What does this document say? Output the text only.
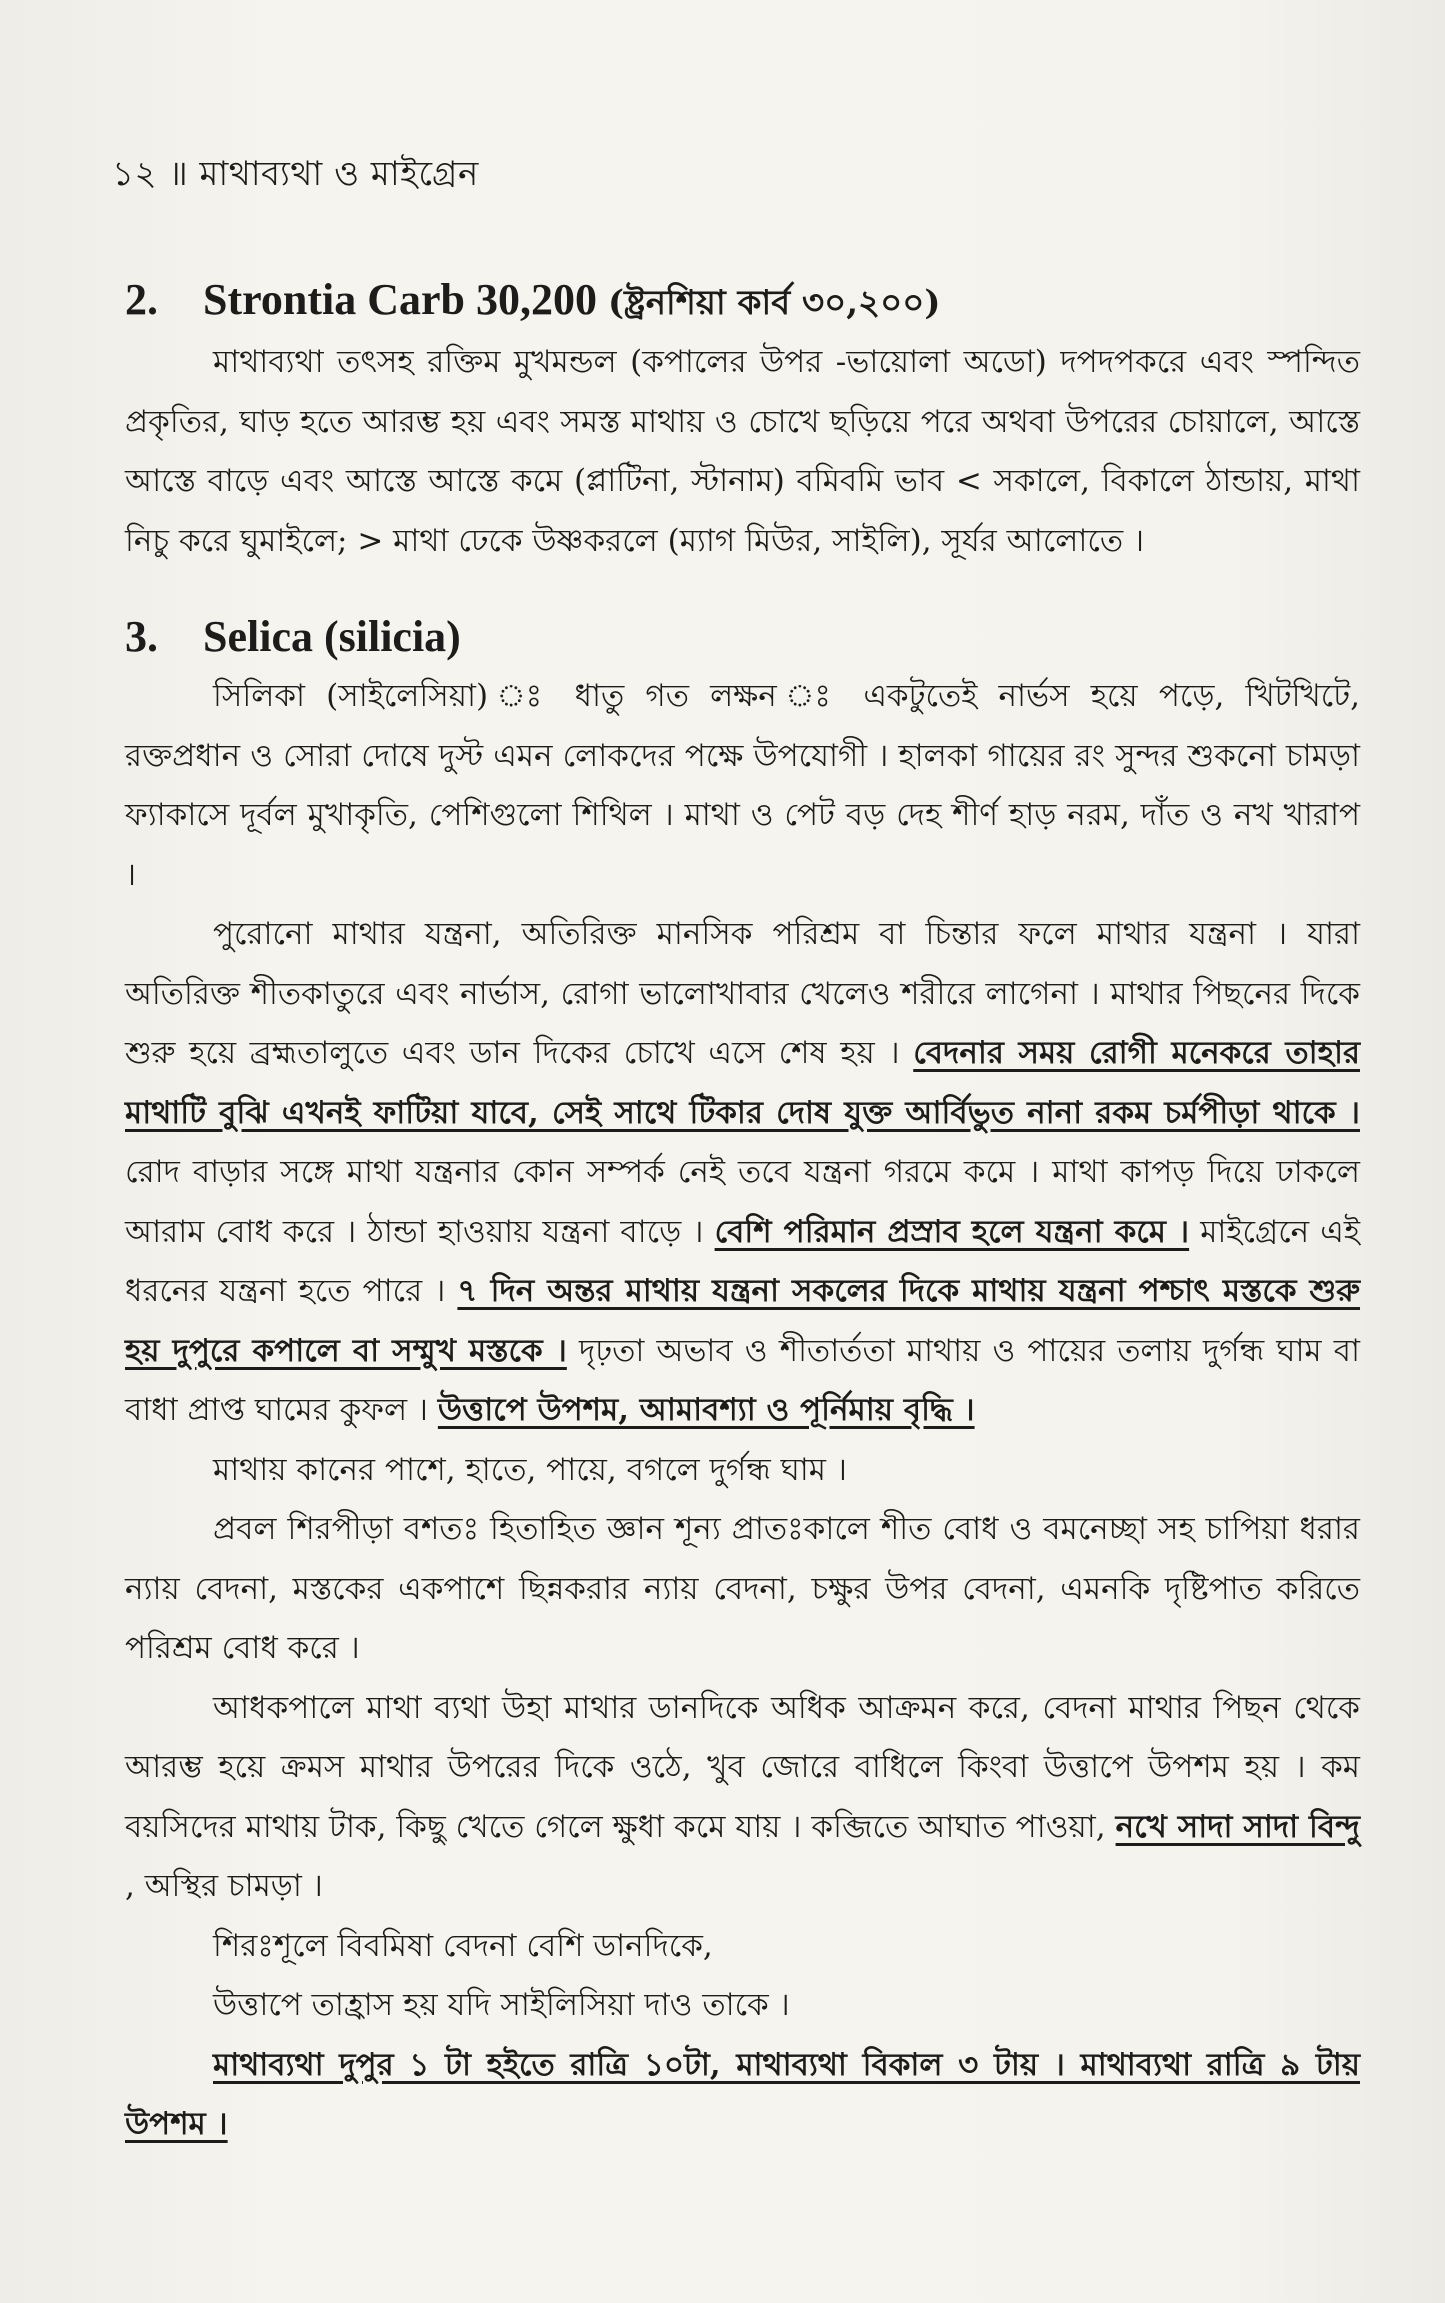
১২ ॥ মাথাব্যথা ও মাইগ্রেন
2. Strontia Carb 30,200 (ষ্ট্রনশিয়া কার্ব ৩০,২০০)

মাথাব্যথা তৎসহ রক্তিম মুখমন্ডল (কপালের উপর -ভায়োলা অডো) দপদপকরে এবং স্পন্দিত প্রকৃতির, ঘাড় হতে আরম্ভ হয় এবং সমস্ত মাথায় ও চোখে ছড়িয়ে পরে অথবা উপরের চোয়ালে, আস্তে আস্তে বাড়ে এবং আস্তে আস্তে কমে (প্লাটিনা, স্টানাম) বমিবমি ভাব < সকালে, বিকালে ঠান্ডায়, মাথা নিচু করে ঘুমাইলে; > মাথা ঢেকে উষ্ণকরলে (ম্যাগ মিউর, সাইলি), সূর্যর আলোতে ।

3. Selica (silicia)

সিলিকা (সাইলেসিয়া) ঃ ধাতু গত লক্ষন ঃ একটুতেই নার্ভস হয়ে পড়ে, খিটখিটে, রক্তপ্রধান ও সোরা দোষে দুস্ট এমন লোকদের পক্ষে উপযোগী । হালকা গায়ের রং সুন্দর শুকনো চামড়া ফ্যাকাসে দূর্বল মুখাকৃতি, পেশিগুলো শিথিল । মাথা ও পেট বড় দেহ শীর্ণ হাড় নরম, দাঁত ও নখ খারাপ ।

পুরোনো মাথার যন্ত্রনা, অতিরিক্ত মানসিক পরিশ্রম বা চিন্তার ফলে মাথার যন্ত্রনা । যারা অতিরিক্ত শীতকাতুরে এবং নার্ভাস, রোগা ভালোখাবার খেলেও শরীরে লাগেনা । মাথার পিছনের দিকে শুরু হয়ে ব্রহ্মতালুতে এবং ডান দিকের চোখে এসে শেষ হয় । বেদনার সময় রোগী মনেকরে তাহার মাথাটি বুঝি এখনই ফাটিয়া যাবে, সেই সাথে টিকার দোষ যুক্ত আর্বিভুত নানা রকম চর্মপীড়া থাকে । রোদ বাড়ার সঙ্গে মাথা যন্ত্রনার কোন সম্পর্ক নেই তবে যন্ত্রনা গরমে কমে । মাথা কাপড় দিয়ে ঢাকলে আরাম বোধ করে । ঠান্ডা হাওয়ায় যন্ত্রনা বাড়ে । বেশি পরিমান প্রস্রাব হলে যন্ত্রনা কমে । মাইগ্রেনে এই ধরনের যন্ত্রনা হতে পারে । ৭ দিন অন্তর মাথায় যন্ত্রনা সকলের দিকে মাথায় যন্ত্রনা পশ্চাৎ মস্তকে শুরু হয় দুপুরে কপালে বা সম্মুখ মস্তকে । দৃঢ়তা অভাব ও শীতার্ততা মাথায় ও পায়ের তলায় দুর্গন্ধ ঘাম বা বাধা প্রাপ্ত ঘামের কুফল । উত্তাপে উপশম, আমাবশ্যা ও পূর্নিমায় বৃদ্ধি ।

মাথায় কানের পাশে, হাতে, পায়ে, বগলে দুর্গন্ধ ঘাম ।

প্রবল শিরপীড়া বশতঃ হিতাহিত জ্ঞান শূন্য প্রাতঃকালে শীত বোধ ও বমনেচ্ছা সহ চাপিয়া ধরার ন্যায় বেদনা, মস্তকের একপাশে ছিন্নকরার ন্যায় বেদনা, চক্ষুর উপর বেদনা, এমনকি দৃষ্টিপাত করিতে পরিশ্রম বোধ করে ।

আধকপালে মাথা ব্যথা উহা মাথার ডানদিকে অধিক আক্রমন করে, বেদনা মাথার পিছন থেকে আরম্ভ হয়ে ক্রমস মাথার উপরের দিকে ওঠে, খুব জোরে বাধিলে কিংবা উত্তাপে উপশম হয় । কম বয়সিদের মাথায় টাক, কিছু খেতে গেলে ক্ষুধা কমে যায় । কব্জিতে আঘাত পাওয়া, নখে সাদা সাদা বিন্দু , অস্থির চামড়া ।

শিরঃশূলে বিবমিষা বেদনা বেশি ডানদিকে,

উত্তাপে তাহ্রাস হয় যদি সাইলিসিয়া দাও তাকে ।

মাথাব্যথা দুপুর ১ টা হইতে রাত্রি ১০টা, মাথাব্যথা বিকাল ৩ টায় । মাথাব্যথা রাত্রি ৯ টায় উপশম ।
